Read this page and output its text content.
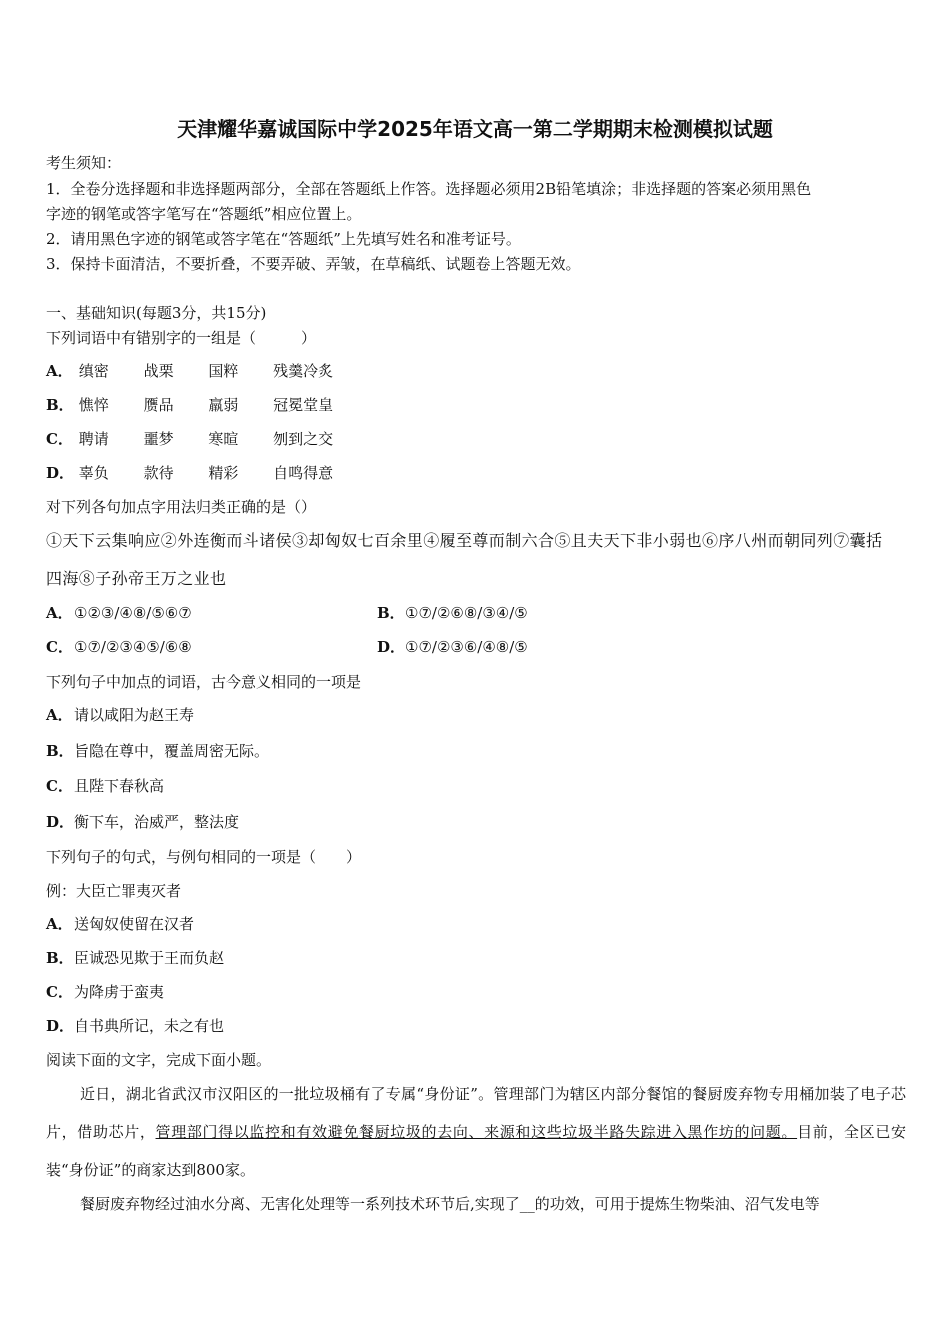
天津耀华嘉诚国际中学2025年语文高一第二学期期末检测模拟试题
考生须知：
1．全卷分选择题和非选择题两部分，全部在答题纸上作答。选择题必须用2B铅笔填涂；非选择题的答案必须用黑色
字迹的钢笔或答字笔写在“答题纸”相应位置上。
2．请用黑色字迹的钢笔或答字笔在“答题纸”上先填写姓名和准考证号。
3．保持卡面清洁，不要折叠，不要弄破、弄皱，在草稿纸、试题卷上答题无效。
一、基础知识(每题3分，共15分)
下列词语中有错别字的一组是（　　　）
A． 缜密 战栗 国粹 残羹冷炙
B． 憔悴 赝品 羸弱 冠冕堂皇
C． 聘请 噩梦 寒暄 刎到之交
D． 辜负 款待 精彩 自鸣得意
对下列各句加点字用法归类正确的是（）
①天下云集响应②外连衡而斗诸侯③却匈奴七百余里④履至尊而制六合⑤且夫天下非小弱也⑥序八州而朝同列⑦囊括
四海⑧子孙帝王万之业也
A．①②③/④⑧/⑤⑥⑦	B．①⑦/②⑥⑧/③④/⑤
C．①⑦/②③④⑤/⑥⑧	D．①⑦/②③⑥/④⑧/⑤
下列句子中加点的词语，古今意义相同的一项是
A．请以咸阳为赵王寿
B．旨隐在尊中，覆盖周密无际。
C．且陛下春秋高
D．衡下车，治威严，整法度
下列句子的句式，与例句相同的一项是（　　）
例：大臣亡罪夷灭者
A．送匈奴使留在汉者
B．臣诚恐见欺于王而负赵
C．为降虏于蛮夷
D．自书典所记，未之有也
阅读下面的文字，完成下面小题。
近日，湖北省武汉市汉阳区的一批垃圾桶有了专属“身份证”。管理部门为辖区内部分餐馆的餐厨废弃物专用桶加装了电子芯片，借助芯片，管理部门得以监控和有效避免餐厨垃圾的去向、来源和这些垃圾半路失踪进入黑作坊的问题。目前，全区已安装“身份证”的商家达到800家。
餐厨废弃物经过油水分离、无害化处理等一系列技术环节后,实现了__的功效，可用于提炼生物柴油、沼气发电等
